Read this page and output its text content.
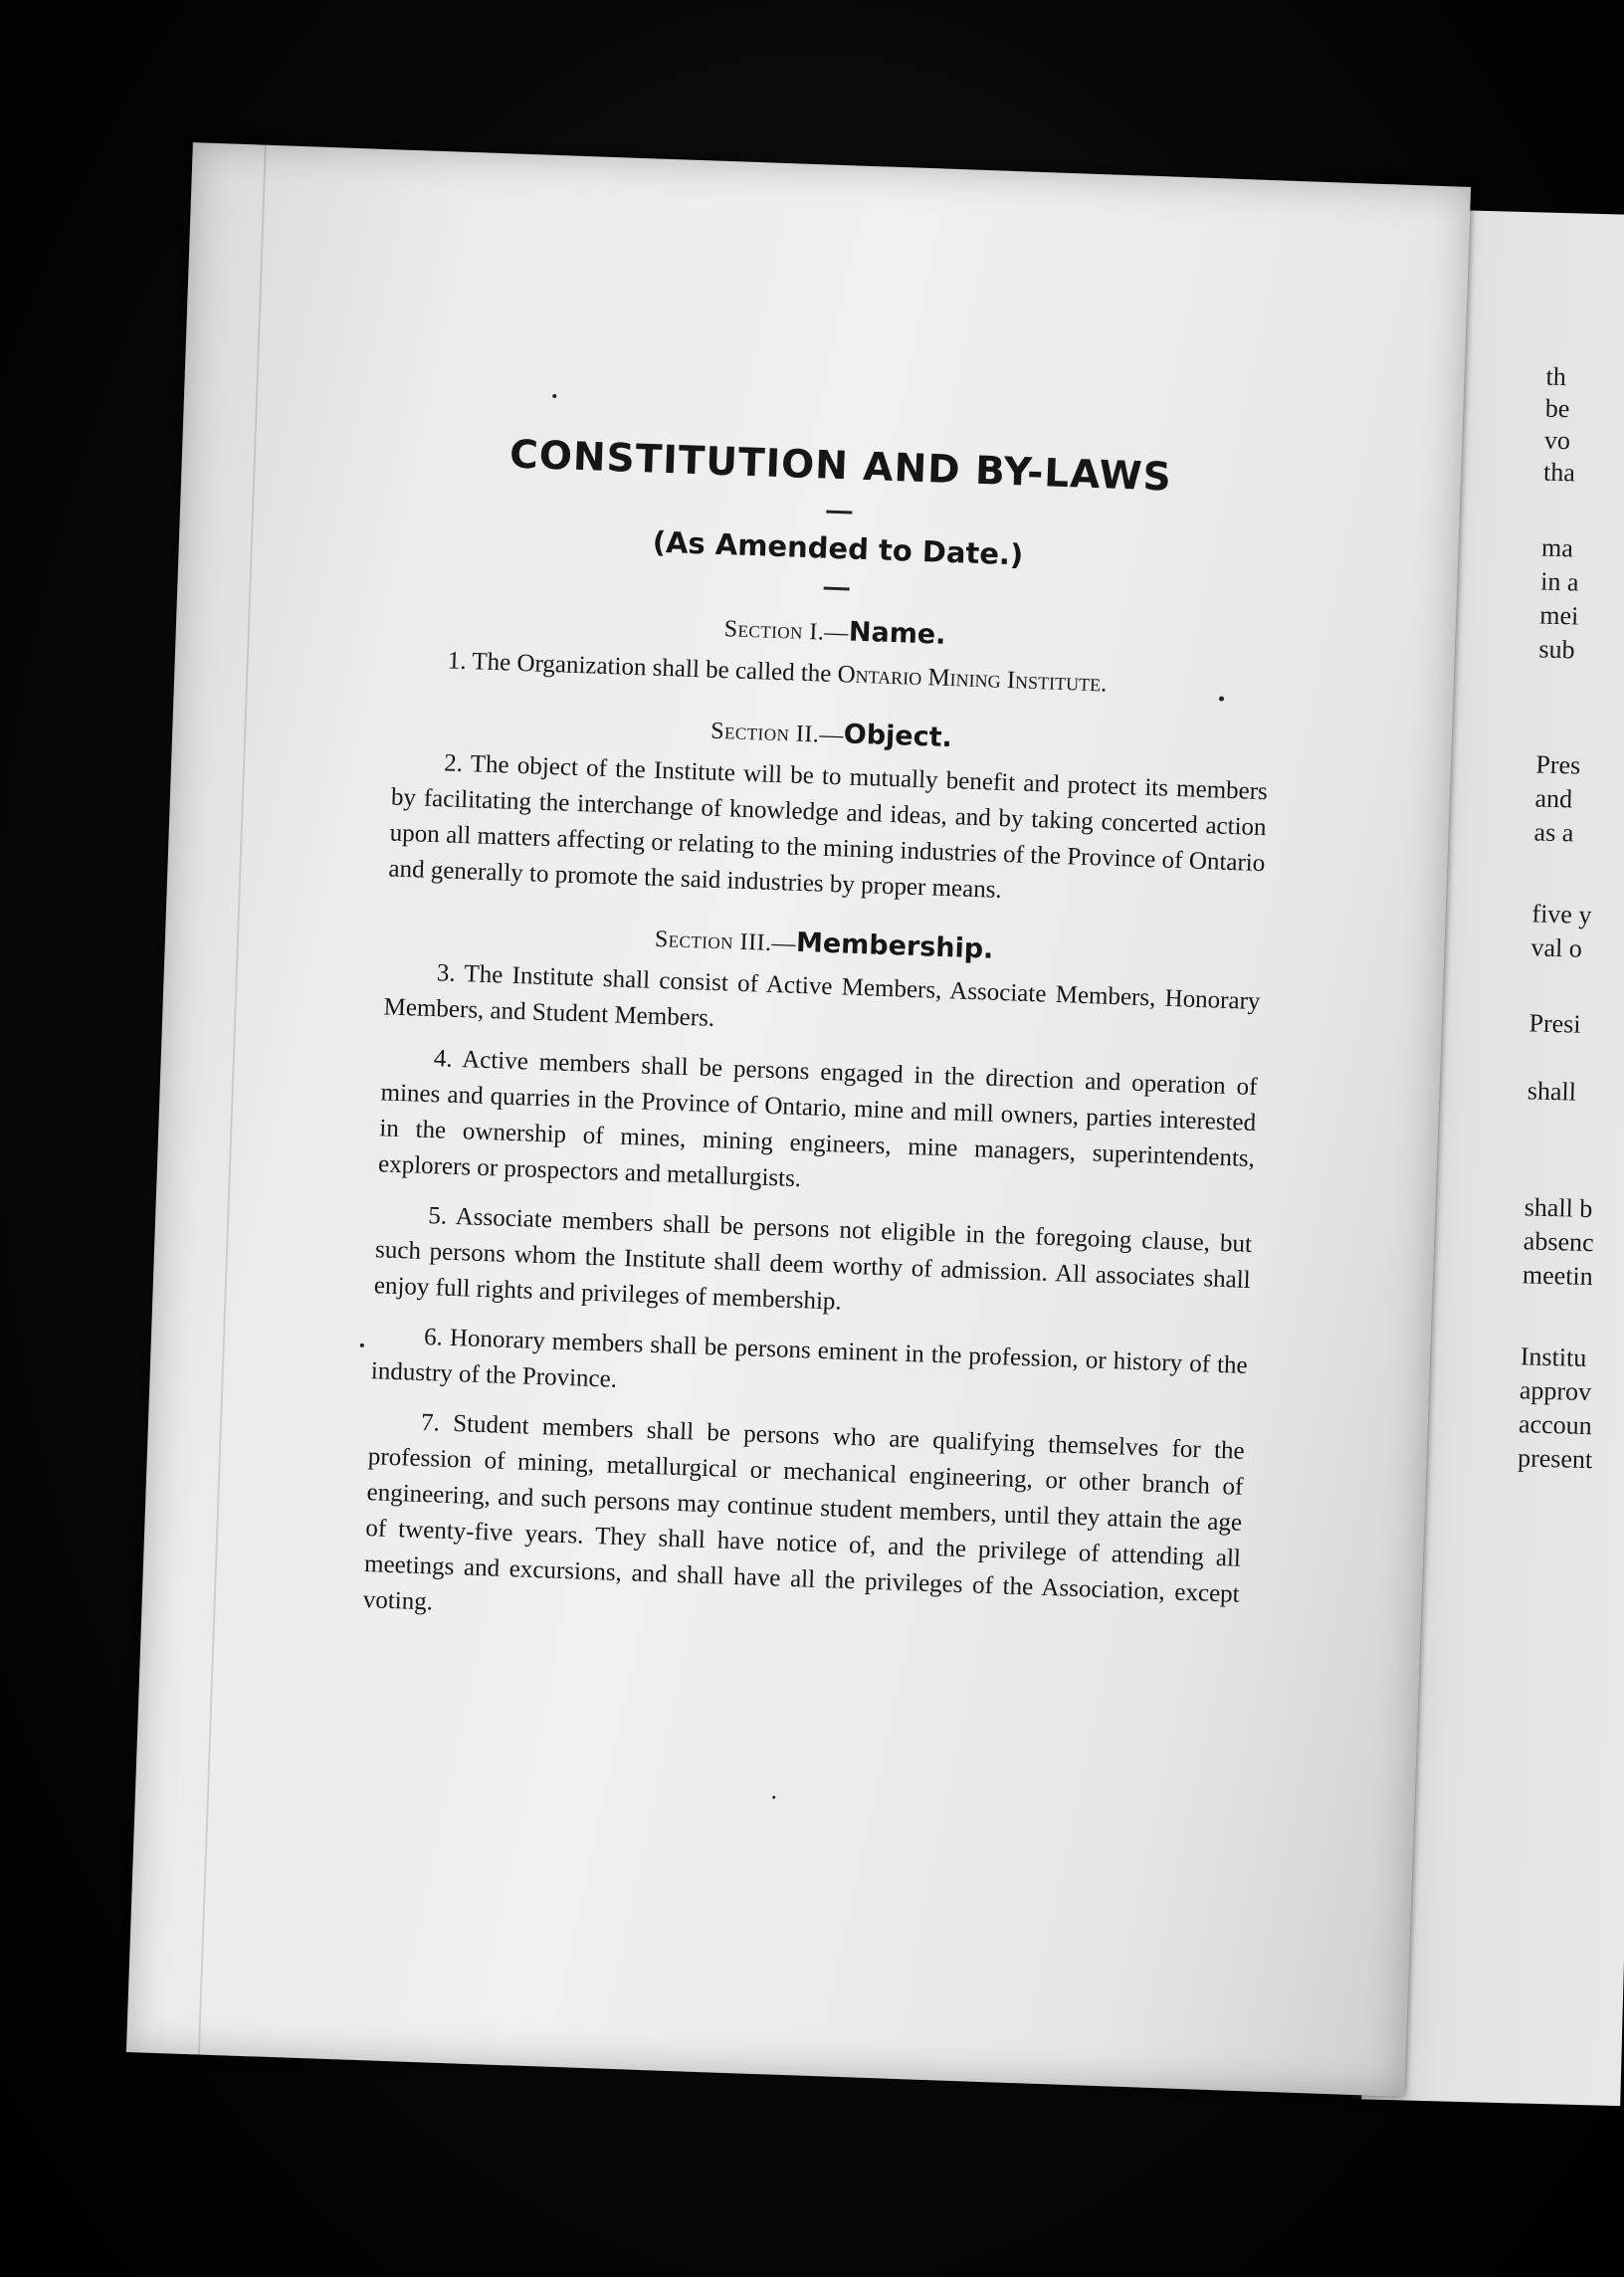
th
be
vo
tha
ma
in a
mei
sub
Pres
and
as a
five y
val o
Presi
shall
shall b
absenc
meetin
Institu
approv
accoun
present
CONSTITUTION AND BY-LAWS
(As Amended to Date.)
Section I.—Name.

1. The Organization shall be called the Ontario Mining Institute.

Section II.—Object.

2. The object of the Institute will be to mutually benefit and protect its members by facilitating the interchange of knowledge and ideas, and by taking concerted action upon all matters affecting or relating to the mining industries of the Province of Ontario and generally to promote the said industries by proper means.

Section III.—Membership.

3. The Institute shall consist of Active Members, Associate Members, Honorary Members, and Student Members.

4. Active members shall be persons engaged in the direction and operation of mines and quarries in the Province of Ontario, mine and mill owners, parties interested in the ownership of mines, mining engineers, mine managers, superintendents, explorers or prospectors and metallurgists.

5. Associate members shall be persons not eligible in the foregoing clause, but such persons whom the Institute shall deem worthy of admission. All associates shall enjoy full rights and privileges of membership.

6. Honorary members shall be persons eminent in the profession, or history of the industry of the Province.

7. Student members shall be persons who are qualifying themselves for the profession of mining, metallurgical or mechanical engineering, or other branch of engineering, and such persons may continue student members, until they attain the age of twenty-five years. They shall have notice of, and the privilege of attending all meetings and excursions, and shall have all the privileges of the Association, except voting.
